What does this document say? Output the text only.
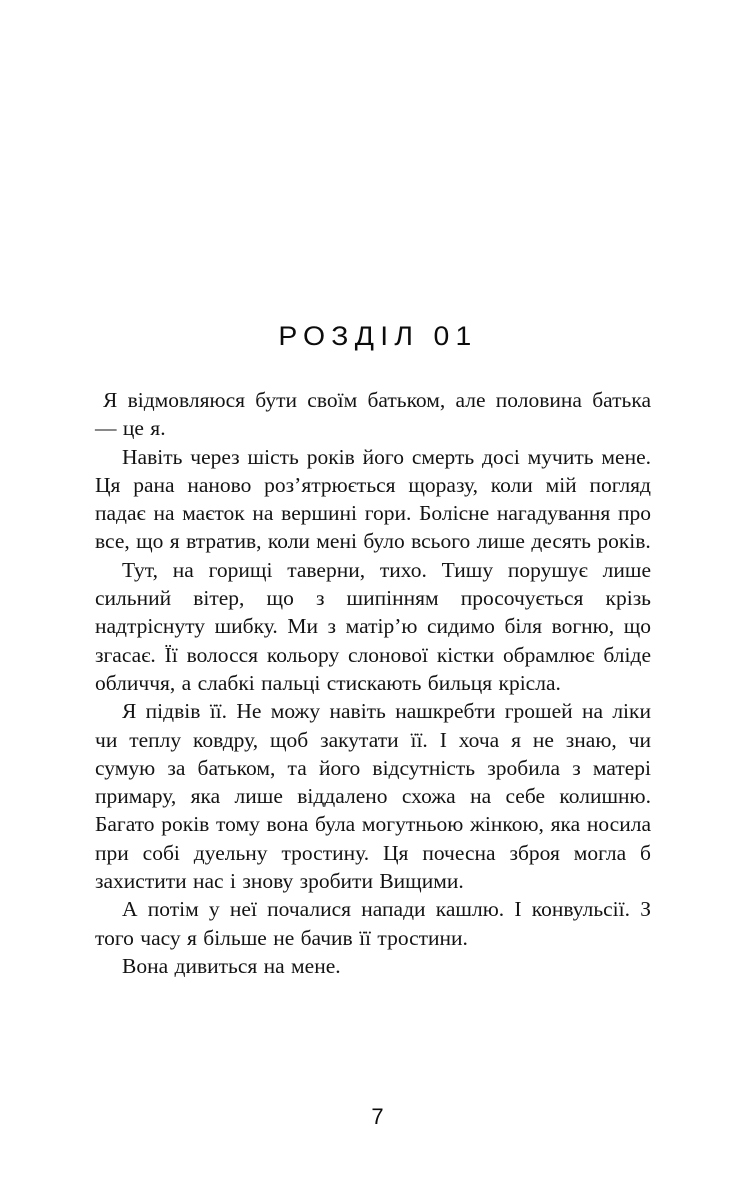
РОЗДІЛ 01

Я відмовляюся бути своїм батьком, але половина батька — це я.

Навіть через шість років його смерть досі мучить мене. Ця рана наново роз’ятрюється щоразу, коли мій погляд падає на маєток на вершині гори. Болісне нагадування про все, що я втратив, коли мені було всього лише десять років.

Тут, на горищі таверни, тихо. Тишу порушує лише сильний вітер, що з шипінням просочується крізь надтріснуту шибку. Ми з матір’ю сидимо біля вогню, що згасає. Її волосся кольору слонової кістки обрамлює бліде обличчя, а слабкі пальці стискають бильця крісла.

Я підвів її. Не можу навіть нашкребти грошей на ліки чи теплу ковдру, щоб закутати її. І хоча я не знаю, чи сумую за батьком, та його відсутність зробила з матері примару, яка лише віддалено схожа на себе колишню. Багато років тому вона була могутньою жінкою, яка носила при собі дуельну тростину. Ця почесна зброя могла б захистити нас і знову зробити Вищими.

А потім у неї почалися напади кашлю. І конвульсії. З того часу я більше не бачив її тростини.

Вона дивиться на мене.

7
